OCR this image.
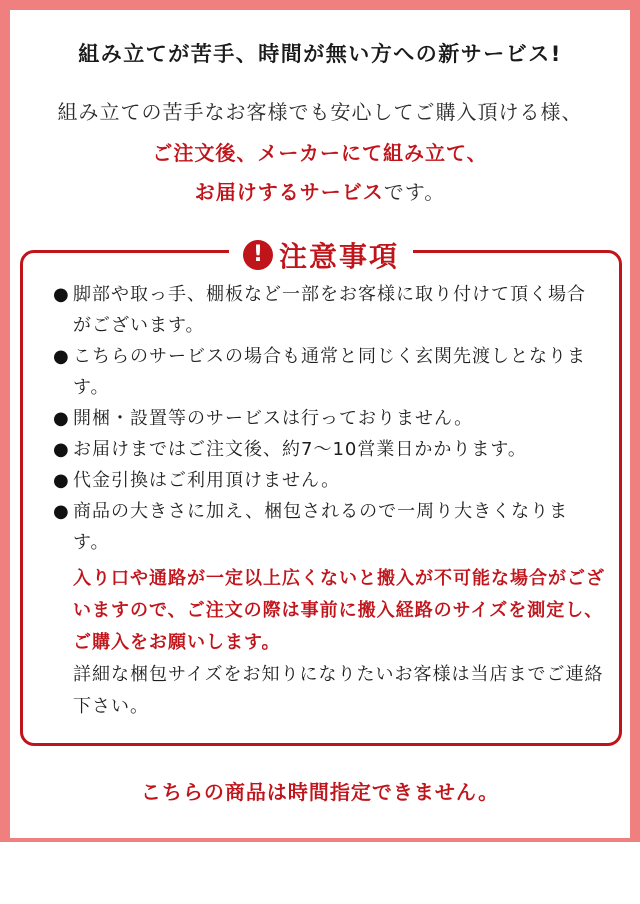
組み立てが苦手、時間が無い方への新サービス!
組み立ての苦手なお客様でも安心してご購入頂ける様、
ご注文後、メーカーにて組み立て、
お届けするサービスです。
! 注意事項
● 脚部や取っ手、棚板など一部をお客様に取り付けて頂く場合がございます。
● こちらのサービスの場合も通常と同じく玄関先渡しとなります。
● 開梱・設置等のサービスは行っておりません。
● お届けまではご注文後、約7～10営業日かかります。
● 代金引換はご利用頂けません。
● 商品の大きさに加え、梱包されるので一周り大きくなります。

入り口や通路が一定以上広くないと搬入が不可能な場合がございますので、ご注文の際は事前に搬入経路のサイズを測定し、ご購入をお願いします。

詳細な梱包サイズをお知りになりたいお客様は当店までご連絡下さい。

こちらの商品は時間指定できません。
